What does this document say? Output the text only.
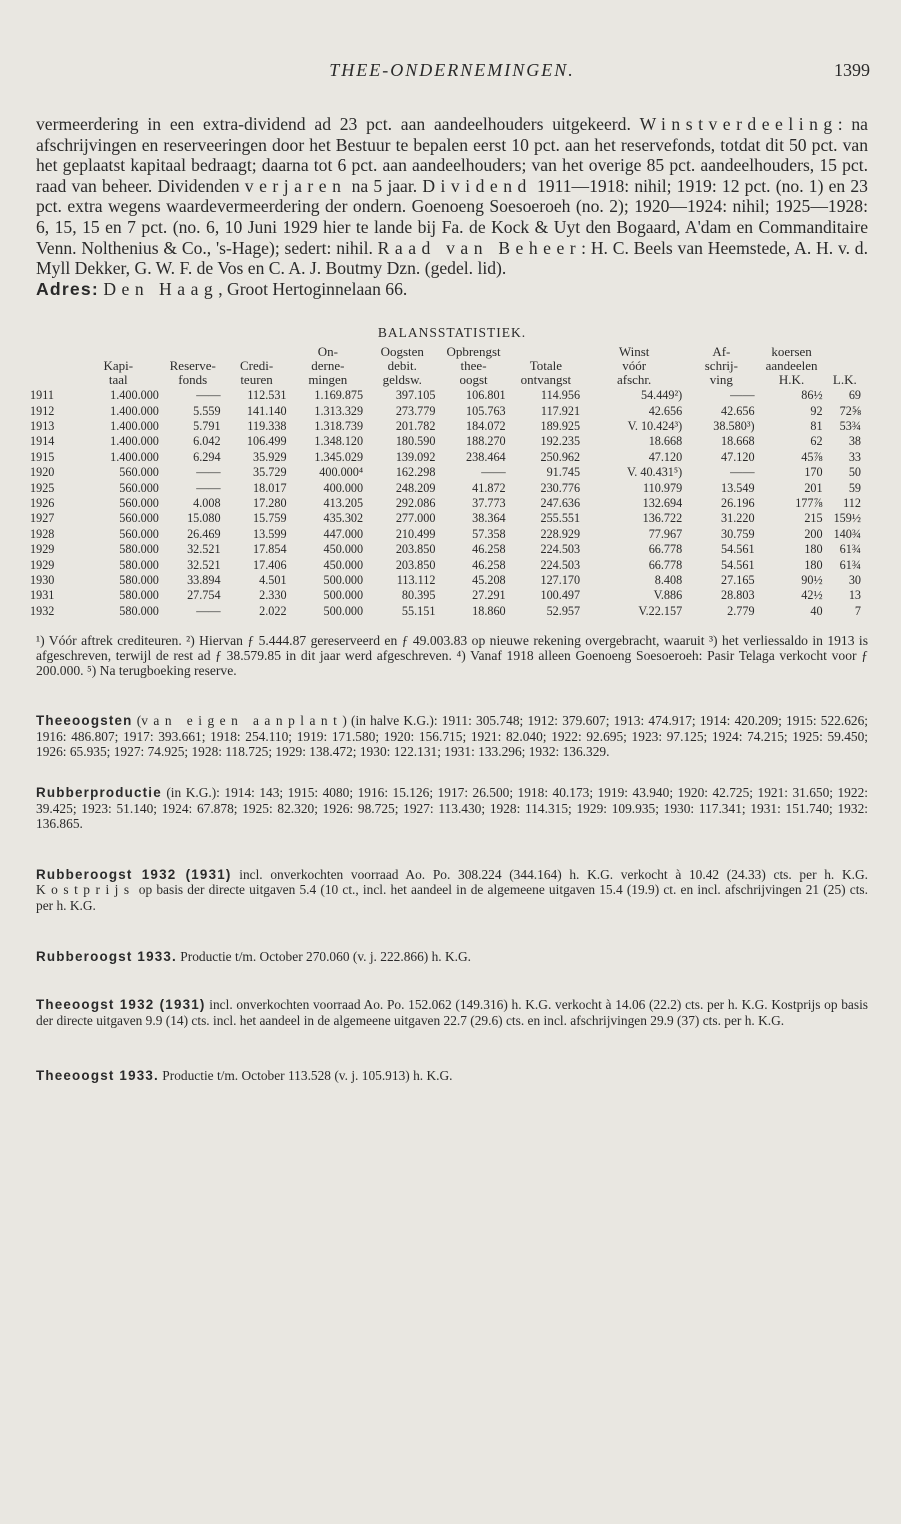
THEE-ONDERNEMINGEN.	1399

vermeerdering in een extra-dividend ad 23 pct. aan aandeelhouders uitgekeerd. Winstverdeeling: na afschrijvingen en reserveeringen door het Bestuur te bepalen eerst 10 pct. aan het reservefonds, totdat dit 50 pct. van het geplaatst kapitaal bedraagt; daarna tot 6 pct. aan aandeelhouders; van het overige 85 pct. aandeelhouders, 15 pct. raad van beheer. Dividenden verjaren na 5 jaar. Dividend 1911—1918: nihil; 1919: 12 pct. (no. 1) en 23 pct. extra wegens waardevermeerdering der ondern. Goenoeng Soesoeroeh (no. 2); 1920—1924: nihil; 1925—1928: 6, 15, 15 en 7 pct. (no. 6, 10 Juni 1929 hier te lande bij Fa. de Kock & Uyt den Bogaard, A'dam en Commanditaire Venn. Nolthenius & Co., 's-Hage); sedert: nihil. Raad van Beheer: H. C. Beels van Heemstede, A. H. v. d. Myll Dekker, G. W. F. de Vos en C. A. J. Boutmy Dzn. (gedel. lid).

Adres: Den Haag, Groot Hertoginnelaan 66.

BALANSSTATISTIEK.
				On-	Oogsten	Opbrengst		Winst	Af-	koersen	
	Kapi-	Reserve-	Credi-	derne-	debit.	thee-	Totale	vóór	schrij-	aandeelen	
	taal	fonds	teuren	mingen	geldsw.	oogst	ontvangst	afschr.	ving	H.K.	L.K.
1911	1.400.000	——	112.531	1.169.875	397.105	106.801	114.956	54.449²)	——	86½	69
1912	1.400.000	5.559	141.140	1.313.329	273.779	105.763	117.921	42.656	42.656	92	72⅝
1913	1.400.000	5.791	119.338	1.318.739	201.782	184.072	189.925	V. 10.424³)	38.580³)	81	53¾
1914	1.400.000	6.042	106.499	1.348.120	180.590	188.270	192.235	18.668	18.668	62	38
1915	1.400.000	6.294	35.929	1.345.029	139.092	238.464	250.962	47.120	47.120	45⅞	33
1920	560.000	——	35.729	400.000⁴	162.298	——	91.745	V. 40.431⁵)	——	170	50
1925	560.000	——	18.017	400.000	248.209	41.872	230.776	110.979	13.549	201	59
1926	560.000	4.008	17.280	413.205	292.086	37.773	247.636	132.694	26.196	177⅞	112
1927	560.000	15.080	15.759	435.302	277.000	38.364	255.551	136.722	31.220	215	159½
1928	560.000	26.469	13.599	447.000	210.499	57.358	228.929	77.967	30.759	200	140¾
1929	580.000	32.521	17.854	450.000	203.850	46.258	224.503	66.778	54.561	180	61¾
1929	580.000	32.521	17.406	450.000	203.850	46.258	224.503	66.778	54.561	180	61¾
1930	580.000	33.894	4.501	500.000	113.112	45.208	127.170	8.408	27.165	90½	30
1931	580.000	27.754	2.330	500.000	80.395	27.291	100.497	V.886	28.803	42½	13
1932	580.000	——	2.022	500.000	55.151	18.860	52.957	V.22.157	2.779	40	7
¹) Vóór aftrek crediteuren. ²) Hiervan ƒ 5.444.87 gereserveerd en ƒ 49.003.83 op nieuwe rekening overgebracht, waaruit ³) het verliessaldo in 1913 is afgeschreven, terwijl de rest ad ƒ 38.579.85 in dit jaar werd afgeschreven. ⁴) Vanaf 1918 alleen Goenoeng Soesoeroeh: Pasir Telaga verkocht voor ƒ 200.000. ⁵) Na terugboeking reserve.

Theeoogsten (van eigen aanplant) (in halve K.G.): 1911: 305.748; 1912: 379.607; 1913: 474.917; 1914: 420.209; 1915: 522.626; 1916: 486.807; 1917: 393.661; 1918: 254.110; 1919: 171.580; 1920: 156.715; 1921: 82.040; 1922: 92.695; 1923: 97.125; 1924: 74.215; 1925: 59.450; 1926: 65.935; 1927: 74.925; 1928: 118.725; 1929: 138.472; 1930: 122.131; 1931: 133.296; 1932: 136.329.

Rubberproductie (in K.G.): 1914: 143; 1915: 4080; 1916: 15.126; 1917: 26.500; 1918: 40.173; 1919: 43.940; 1920: 42.725; 1921: 31.650; 1922: 39.425; 1923: 51.140; 1924: 67.878; 1925: 82.320; 1926: 98.725; 1927: 113.430; 1928: 114.315; 1929: 109.935; 1930: 117.341; 1931: 151.740; 1932: 136.865.

Rubberoogst 1932 (1931) incl. onverkochten voorraad Ao. Po. 308.224 (344.164) h. K.G. verkocht à 10.42 (24.33) cts. per h. K.G. Kostprijs op basis der directe uitgaven 5.4 (10 ct., incl. het aandeel in de algemeene uitgaven 15.4 (19.9) ct. en incl. afschrijvingen 21 (25) cts. per h. K.G.

Rubberoogst 1933. Productie t/m. October 270.060 (v. j. 222.866) h. K.G.

Theeoogst 1932 (1931) incl. onverkochten voorraad Ao. Po. 152.062 (149.316) h. K.G. verkocht à 14.06 (22.2) cts. per h. K.G. Kostprijs op basis der directe uitgaven 9.9 (14) cts. incl. het aandeel in de algemeene uitgaven 22.7 (29.6) cts. en incl. afschrijvingen 29.9 (37) cts. per h. K.G.

Theeoogst 1933. Productie t/m. October 113.528 (v. j. 105.913) h. K.G.
